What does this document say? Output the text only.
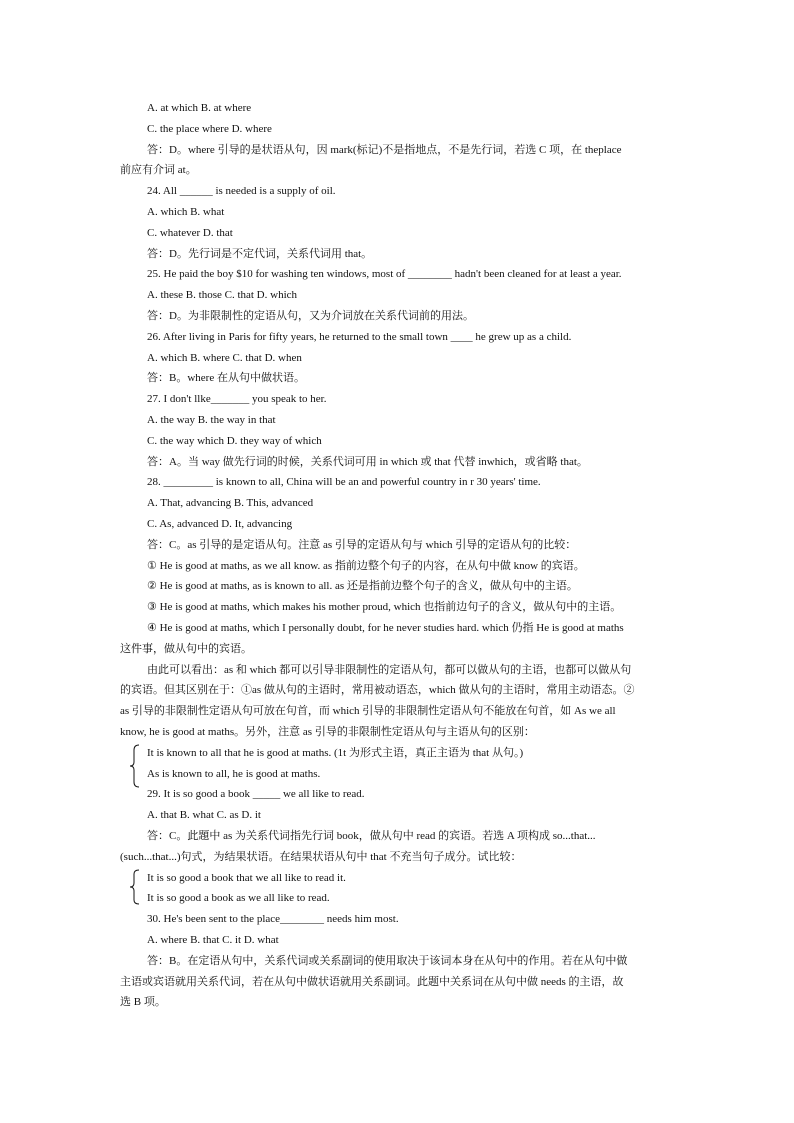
A. at which B. at where
C. the place where D. where
答：D。where 引导的是状语从句，因 mark(标记)不是指地点，不是先行词，若选 C 项，在 theplace
前应有介词 at。
24. All ______ is needed is a supply of oil.
A. which B. what
C. whatever D. that
答：D。先行词是不定代词，关系代词用 that。
25. He paid the boy $10 for washing ten windows, most of ________ hadn't been cleaned for at least a year.
A. these B. those C. that D. which
答：D。为非限制性的定语从句，又为介词放在关系代词前的用法。
26. After living in Paris for fifty years, he returned to the small town ____ he grew up as a child.
A. which B. where C. that D. when
答：B。where 在从句中做状语。
27. I don't llke_______ you speak to her.
A. the way B. the way in that
C. the way which D. they way of which
答：A。当 way 做先行词的时候，关系代词可用 in which 或 that 代替 inwhich，或省略 that。
28. _________ is known to all, China will be an and powerful country in r 30 years' time.
A. That, advancing B. This, advanced
C. As, advanced D. It, advancing
答：C。as 引导的是定语从句。注意 as 引导的定语从句与 which 引导的定语从句的比较：
① He is good at maths, as we all know. as 指前边整个句子的内容，在从句中做 know 的宾语。
② He is good at maths, as is known to all. as 还是指前边整个句子的含义，做从句中的主语。
③ He is good at maths, which makes his mother proud, which 也指前边句子的含义，做从句中的主语。
④ He is good at maths, which I personally doubt, for he never studies hard. which 仍指 He is good at maths
这件事，做从句中的宾语。
由此可以看出：as 和 which 都可以引导非限制性的定语从句，都可以做从句的主语，也都可以做从句
的宾语。但其区别在于：①as 做从句的主语时，常用被动语态，which 做从句的主语时，常用主动语态。②
as 引导的非限制性定语从句可放在句首，而 which 引导的非限制性定语从句不能放在句首，如 As we all
know, he is good at maths。另外，注意 as 引导的非限制性定语从句与主语从句的区别：
It is known to all that he is good at maths. (1t 为形式主语，真正主语为 that 从句。)
As is known to all, he is good at maths.
29. It is so good a book _____ we all like to read.
A. that B. what C. as D. it
答：C。此題中 as 为关系代词指先行词 book，做从句中 read 的宾语。若选 A 项构成 so...that...
(such...that...)句式，为结果状语。在结果状语从句中 that 不充当句子成分。试比较：
It is so good a book that we all like to read it.
It is so good a book as we all like to read.
30. He's been sent to the place________ needs him most.
A. where B. that C. it D. what
答：B。在定语从句中，关系代词或关系副词的使用取决于该词本身在从句中的作用。若在从句中做
主语或宾语就用关系代词，若在从句中做状语就用关系副词。此题中关系词在从句中做 needs 的主语，故
选 B 项。
